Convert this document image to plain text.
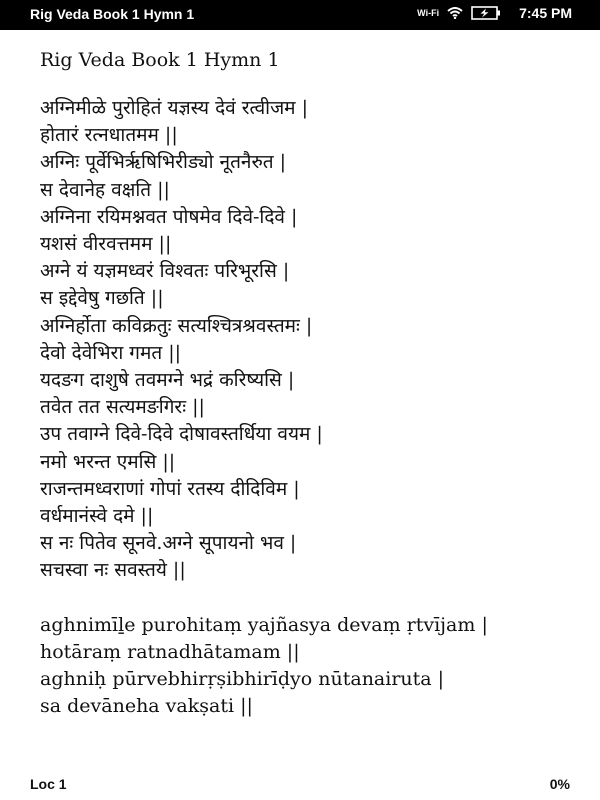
Rig Veda Book 1 Hymn 1	Wi-Fi	7:45 PM
Rig Veda Book 1 Hymn 1
अग्निमीळे पुरोहितं यज्ञस्य देवं रत्वीजम |
होतारं रत्नधातमम ||
अग्निः पूर्वेभिर्ऋषिभिरीड्यो नूतनैरुत |
स देवानेह वक्षति ||
अग्निना रयिमश्नवत पोषमेव दिवे-दिवे |
यशसं वीरवत्तमम ||
अग्ने यं यज्ञमध्वरं विश्वतः परिभूरसि |
स इद्देवेषु गछति ||
अग्निर्होता कविक्रतुः सत्यश्चित्रश्रवस्तमः |
देवो देवेभिरा गमत ||
यदङग दाशुषे तवमग्ने भद्रं करिष्यसि |
तवेत तत सत्यमङगिरः ||
उप तवाग्ने दिवे-दिवे दोषावस्तर्धिया वयम |
नमो भरन्त एमसि ||
राजन्तमध्वराणां गोपां रतस्य दीदिविम |
वर्धमानंस्वे दमे ||
स नः पितेव सूनवे.अग्ने सूपायनो भव |
सचस्वा नः सवस्तये ||
aghnimīḻe purohitaṃ yajñasya devaṃ ṛtvījam |
hotāraṃ ratnadhātamam ||
aghniḥ pūrvebhirṛṣibhirīḍyo nūtanairuta |
sa devāneha vakṣati ||
Loc 1	0%
